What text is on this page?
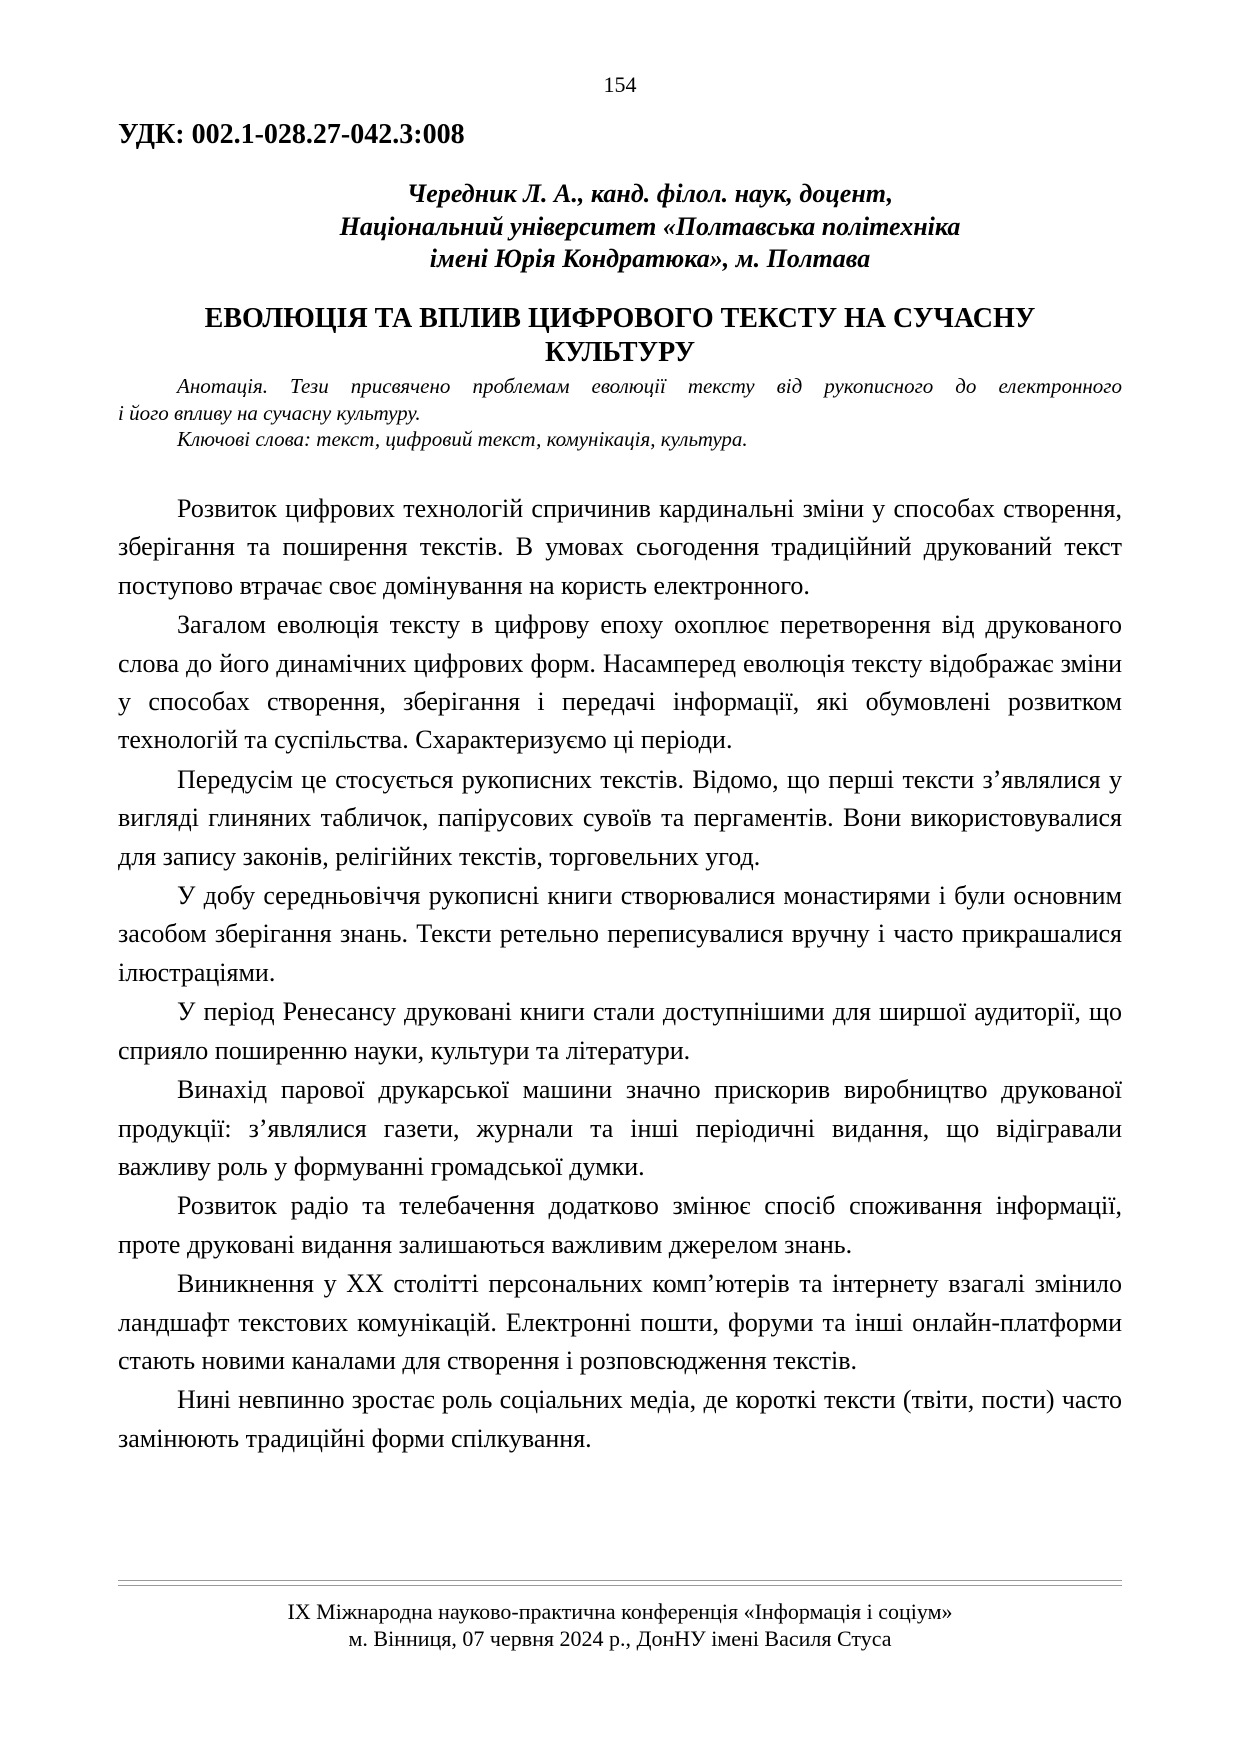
154
УДК: 002.1-028.27-042.3:008
Чередник Л. А., канд. філол. наук, доцент,
Національний університет «Полтавська політехніка
імені Юрія Кондратюка», м. Полтава
ЕВОЛЮЦІЯ ТА ВПЛИВ ЦИФРОВОГО ТЕКСТУ НА СУЧАСНУ
КУЛЬТУРУ
Анотація. Тези присвячено проблемам еволюції тексту від рукописного до електронного
і його впливу на сучасну культуру.
Ключові слова: текст, цифровий текст, комунікація, культура.

Розвиток цифрових технологій спричинив кардинальні зміни у способах створення, зберігання та поширення текстів. В умовах сьогодення традиційний друкований текст поступово втрачає своє домінування на користь електронного.

Загалом еволюція тексту в цифрову епоху охоплює перетворення від друкованого слова до його динамічних цифрових форм. Насамперед еволюція тексту відображає зміни у способах створення, зберігання і передачі інформації, які обумовлені розвитком технологій та суспільства. Схарактеризуємо ці періоди.

Передусім це стосується рукописних текстів. Відомо, що перші тексти з’являлися у вигляді глиняних табличок, папірусових сувоїв та пергаментів. Вони використовувалися для запису законів, релігійних текстів, торговельних угод.

У добу середньовіччя рукописні книги створювалися монастирями і були основним засобом зберігання знань. Тексти ретельно переписувалися вручну і часто прикрашалися ілюстраціями.

У період Ренесансу друковані книги стали доступнішими для ширшої аудиторії, що сприяло поширенню науки, культури та літератури.

Винахід парової друкарської машини значно прискорив виробництво друкованої продукції: з’являлися газети, журнали та інші періодичні видання, що відігравали важливу роль у формуванні громадської думки.

Розвиток радіо та телебачення додатково змінює спосіб споживання інформації, проте друковані видання залишаються важливим джерелом знань.

Виникнення у ХХ столітті персональних комп’ютерів та інтернету взагалі змінило ландшафт текстових комунікацій. Електронні пошти, форуми та інші онлайн-платформи стають новими каналами для створення і розповсюдження текстів.

Нині невпинно зростає роль соціальних медіа, де короткі тексти (твіти, пости) часто замінюють традиційні форми спілкування.

IX Міжнародна науково-практична конференція «Інформація і соціум»
м. Вінниця, 07 червня 2024 р., ДонНУ імені Василя Стуса
